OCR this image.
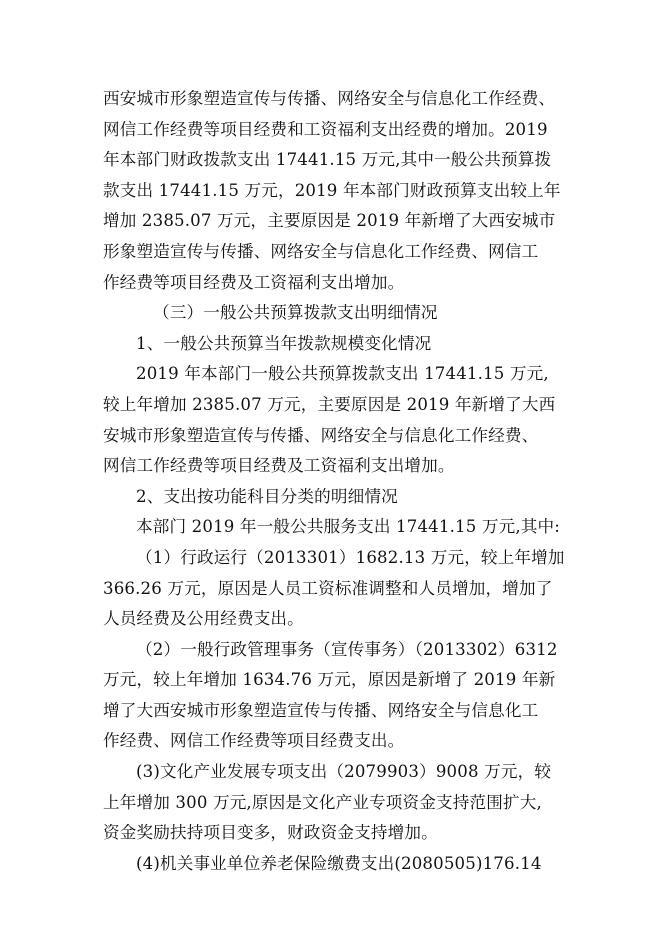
西安城市形象塑造宣传与传播、网络安全与信息化工作经费、
网信工作经费等项目经费和工资福利支出经费的增加。2019
年本部门财政拨款支出 17441.15 万元,其中一般公共预算拨
款支出 17441.15 万元，2019 年本部门财政预算支出较上年
增加 2385.07 万元，主要原因是 2019 年新增了大西安城市
形象塑造宣传与传播、网络安全与信息化工作经费、网信工
作经费等项目经费及工资福利支出增加。
（三）一般公共预算拨款支出明细情况
1、一般公共预算当年拨款规模变化情况
2019 年本部门一般公共预算拨款支出 17441.15 万元,
较上年增加 2385.07 万元，主要原因是 2019 年新增了大西
安城市形象塑造宣传与传播、网络安全与信息化工作经费、
网信工作经费等项目经费及工资福利支出增加。
2、支出按功能科目分类的明细情况
本部门 2019 年一般公共服务支出 17441.15 万元,其中:
（1）行政运行（2013301）1682.13 万元，较上年增加
366.26 万元，原因是人员工资标准调整和人员增加，增加了
人员经费及公用经费支出。
（2）一般行政管理事务（宣传事务）（2013302）6312
万元，较上年增加 1634.76 万元，原因是新增了 2019 年新
增了大西安城市形象塑造宣传与传播、网络安全与信息化工
作经费、网信工作经费等项目经费支出。
(3)文化产业发展专项支出（2079903）9008 万元，较
上年增加 300 万元,原因是文化产业专项资金支持范围扩大,
资金奖励扶持项目变多，财政资金支持增加。
(4)机关事业单位养老保险缴费支出(2080505)176.14
